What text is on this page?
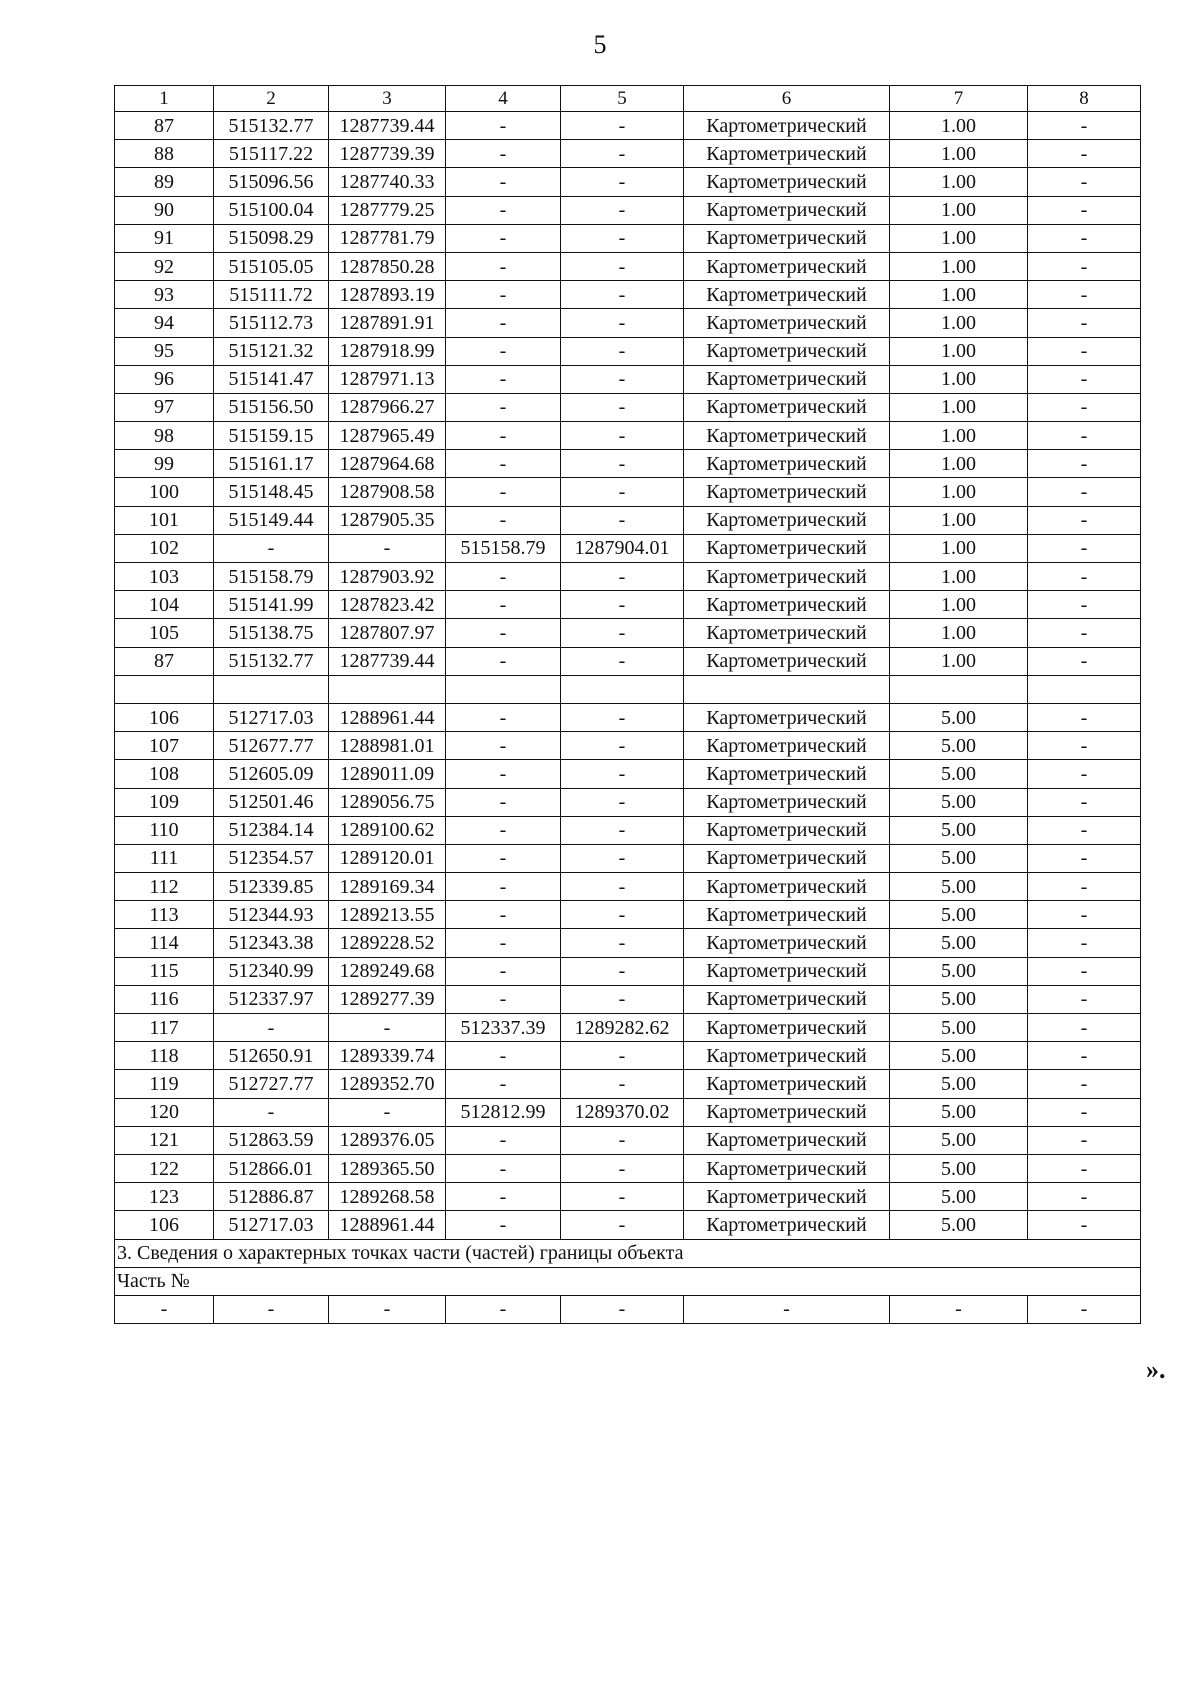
5
1	2	3	4	5	6	7	8
87	515132.77	1287739.44	-	-	Картометрический	1.00	-
88	515117.22	1287739.39	-	-	Картометрический	1.00	-
89	515096.56	1287740.33	-	-	Картометрический	1.00	-
90	515100.04	1287779.25	-	-	Картометрический	1.00	-
91	515098.29	1287781.79	-	-	Картометрический	1.00	-
92	515105.05	1287850.28	-	-	Картометрический	1.00	-
93	515111.72	1287893.19	-	-	Картометрический	1.00	-
94	515112.73	1287891.91	-	-	Картометрический	1.00	-
95	515121.32	1287918.99	-	-	Картометрический	1.00	-
96	515141.47	1287971.13	-	-	Картометрический	1.00	-
97	515156.50	1287966.27	-	-	Картометрический	1.00	-
98	515159.15	1287965.49	-	-	Картометрический	1.00	-
99	515161.17	1287964.68	-	-	Картометрический	1.00	-
100	515148.45	1287908.58	-	-	Картометрический	1.00	-
101	515149.44	1287905.35	-	-	Картометрический	1.00	-
102	-	-	515158.79	1287904.01	Картометрический	1.00	-
103	515158.79	1287903.92	-	-	Картометрический	1.00	-
104	515141.99	1287823.42	-	-	Картометрический	1.00	-
105	515138.75	1287807.97	-	-	Картометрический	1.00	-
87	515132.77	1287739.44	-	-	Картометрический	1.00	-

106	512717.03	1288961.44	-	-	Картометрический	5.00	-
107	512677.77	1288981.01	-	-	Картометрический	5.00	-
108	512605.09	1289011.09	-	-	Картометрический	5.00	-
109	512501.46	1289056.75	-	-	Картометрический	5.00	-
110	512384.14	1289100.62	-	-	Картометрический	5.00	-
111	512354.57	1289120.01	-	-	Картометрический	5.00	-
112	512339.85	1289169.34	-	-	Картометрический	5.00	-
113	512344.93	1289213.55	-	-	Картометрический	5.00	-
114	512343.38	1289228.52	-	-	Картометрический	5.00	-
115	512340.99	1289249.68	-	-	Картометрический	5.00	-
116	512337.97	1289277.39	-	-	Картометрический	5.00	-
117	-	-	512337.39	1289282.62	Картометрический	5.00	-
118	512650.91	1289339.74	-	-	Картометрический	5.00	-
119	512727.77	1289352.70	-	-	Картометрический	5.00	-
120	-	-	512812.99	1289370.02	Картометрический	5.00	-
121	512863.59	1289376.05	-	-	Картометрический	5.00	-
122	512866.01	1289365.50	-	-	Картометрический	5.00	-
123	512886.87	1289268.58	-	-	Картометрический	5.00	-
106	512717.03	1288961.44	-	-	Картометрический	5.00	-
3. Сведения о характерных точках части (частей) границы объекта							
Часть №							
-	-	-	-	-	-	-	-
».
